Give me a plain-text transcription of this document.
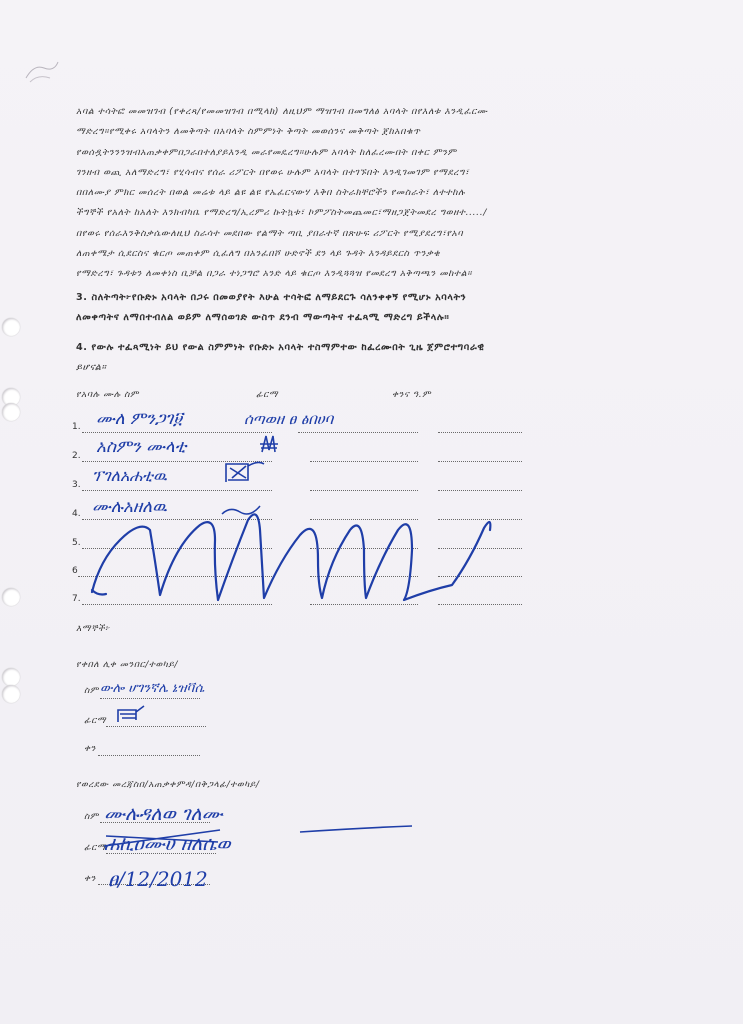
አባል ተሳትፎ መመዝገብ (የቀረጻ/የመመዝገብ በሚላክ) ለዚህም ማዝገብ በመግለፅ አባላት በየእለቱ እንዲፈርሙ

ማድረግ።የሚቀሩ አባላትን ለመቅጣት በአባላት ስምምነት ቅጣት መወሰንና መቅጣት ጀከአበቁጥ

የወሰዷትንንንዝብአጠቃቀምበጋራበተለያይእንዲ መራየመዴረግ።ሁሉም አባላት ከለፈረሙበት በቀር ምንም

ገንዘብ ወጪ አለማድረግ፣ የሂሳብና የሰራ ሪፖርት በየወሩ ሁሉም አባላት በተገኙበት እንዲገመገም የማደረግ፣

በበለሙያ ምክር መሰረት በወል መሬቱ ላይ ልዩ ልዩ የኤፈርናውሃ እቅበ ስትራክቸሮችን የመስራት፣ ለተተከሉ

ችግኞች የአለት ከአለት እንክብካቤ የማድረግ/ኢረምሪ ኩትኳቱ፣ ኮምፖስትመጨመር፣ማዘጋጀትመደረ ግወዘተ...../

በየወሩ የሰራእንቅስቃሴውለዚህ ስራሳተ መደበው የልማት ጣቢ ያበራተኛ በጽሁፍ ሪፖርት የሚያደረግ፣የአባ

ለጠቀሜታ ሲደርስና ቁርጦ መጠቀም ሲፈለግ በአንፈበሾ ሁድኖች ደን ላይ ጉዳት እንዳይደርስ ጥንቃቄ

የማድረግ፣ ጉዳቱን ለመቀነስ ቢቻል በጋራ ተነጋግሮ አንድ ላይ ቁርጦ እንዲጓጓዝ የመደረግ አቅጣጫን መከተል።

3. ስለትጣት፦የቡድኑ አባላት በጋሩ በመወያየት እሁል ተሳትፎ ለማይደርጉ ሳለንቀቀኝ የሚሆኑ አባላትን

ለመቀጣትና ለማበተብለል ወይም ለማሰወገድ ውስጥ ደንብ ማውጣትና ተፈጻሚ ማድረግ ይችላሉ።

4. የውሉ ተፈጻሚነት ይህ የውል ስምምነት የቡድኑ አባላት ተስማምተው ከፈረሙበት ጊዜ ጀምሮተግባራዊ

ይሆናል።

የአባሉ ሙሉ ስም	ፊርማ	ቀንና ዓ.ም
1.
2.
3.
4.
5.
6
7.
እማኞች፦
የቀበለ ሊቀ መንበር/ተወካይ/
ስም
ፊርማ
ቀን
የወረደው መረጃስበ/አጠቃቀምዳ/በቅጋላፊ/ተወካይ/
ስም
ፊርማ
ቀን
ሙለ ምንጋገ፱
አስምን ሙላቲ
ፕገለአሐቲዉ
ሙሉአዘለዉ
ሰጣወዘ ፀ ፅበሀባ
ውሎ ሆገንኛሌ ኔዝቫሴ
ሙሉዳለወ ገለሙ
ሐኪዐሙሀ ዘለሴወ
ፀ/12/2012
